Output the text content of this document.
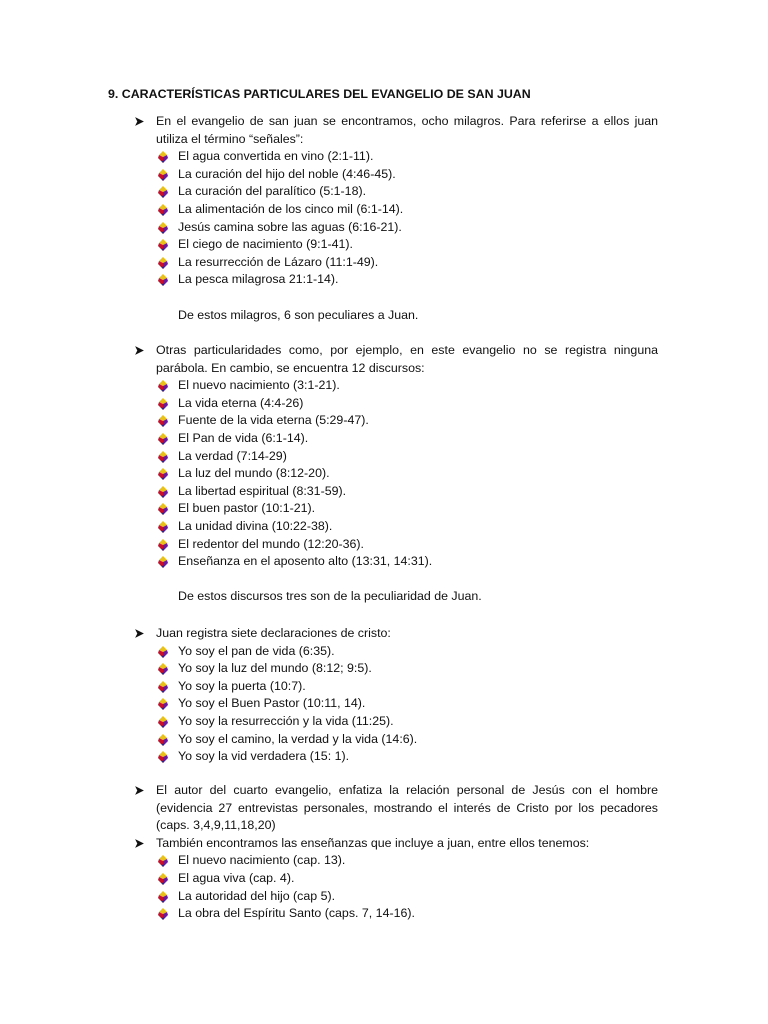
9. CARACTERÍSTICAS PARTICULARES DEL EVANGELIO DE SAN JUAN
En el evangelio de san juan se encontramos, ocho milagros. Para referirse a ellos juan utiliza el término “señales”:
El agua convertida en vino (2:1-11).
La curación del hijo del noble (4:46-45).
La curación del paralítico (5:1-18).
La alimentación de los cinco mil (6:1-14).
Jesús camina sobre las aguas (6:16-21).
El ciego de nacimiento (9:1-41).
La resurrección de Lázaro (11:1-49).
La pesca milagrosa 21:1-14).
De estos milagros, 6 son peculiares a Juan.
Otras particularidades como, por ejemplo, en este evangelio no se registra ninguna parábola. En cambio, se encuentra 12 discursos:
El nuevo nacimiento (3:1-21).
La vida eterna (4:4-26)
Fuente de la vida eterna (5:29-47).
El Pan de vida (6:1-14).
La verdad (7:14-29)
La luz del mundo (8:12-20).
La libertad espiritual (8:31-59).
El buen pastor (10:1-21).
La unidad divina (10:22-38).
El redentor del mundo (12:20-36).
Enseñanza en el aposento alto (13:31, 14:31).
De estos discursos tres son de la peculiaridad de Juan.
Juan registra siete declaraciones de cristo:
Yo soy el pan de vida (6:35).
Yo soy la luz del mundo (8:12; 9:5).
Yo soy la puerta (10:7).
Yo soy el Buen Pastor (10:11, 14).
Yo soy la resurrección y la vida (11:25).
Yo soy el camino, la verdad y la vida (14:6).
Yo soy la vid verdadera (15: 1).
El autor del cuarto evangelio, enfatiza la relación personal de Jesús con el hombre (evidencia 27 entrevistas personales, mostrando el interés de Cristo por los pecadores (caps. 3,4,9,11,18,20)
También encontramos las enseñanzas que incluye a juan, entre ellos tenemos:
El nuevo nacimiento (cap. 13).
El agua viva (cap. 4).
La autoridad del hijo (cap 5).
La obra del Espíritu Santo (caps. 7, 14-16).
